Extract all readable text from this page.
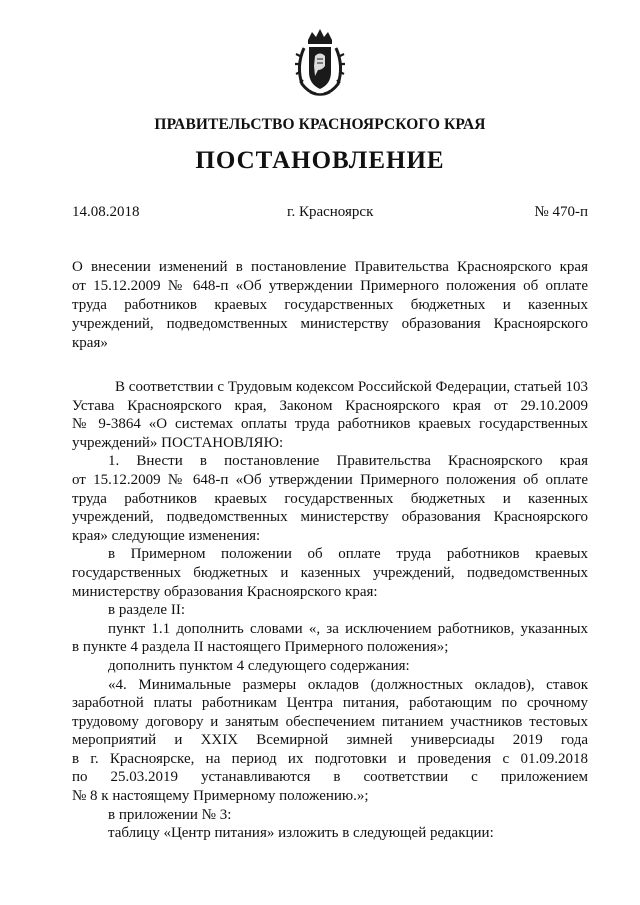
ПРАВИТЕЛЬСТВО КРАСНОЯРСКОГО КРАЯ
ПОСТАНОВЛЕНИЕ
14.08.2018	г. Красноярск	№ 470-п
О внесении изменений в постановление Правительства Красноярского края
от 15.12.2009 № 648-п «Об утверждении Примерного положения об оплате
труда работников краевых государственных бюджетных и казенных
учреждений, подведомственных министерству образования Красноярского
края»
В соответствии с Трудовым кодексом Российской Федерации, статьей 103
Устава Красноярского края, Законом Красноярского края от 29.10.2009
№ 9-3864 «О системах оплаты труда работников краевых государственных
учреждений» ПОСТАНОВЛЯЮ:
1. Внести в постановление Правительства Красноярского края
от 15.12.2009 № 648-п «Об утверждении Примерного положения об оплате
труда работников краевых государственных бюджетных и казенных
учреждений, подведомственных министерству образования Красноярского
края» следующие изменения:
в Примерном положении об оплате труда работников краевых
государственных бюджетных и казенных учреждений, подведомственных
министерству образования Красноярского края:
в разделе II:
пункт 1.1 дополнить словами «, за исключением работников, указанных
в пункте 4 раздела II настоящего Примерного положения»;
дополнить пунктом 4 следующего содержания:
«4. Минимальные размеры окладов (должностных окладов), ставок
заработной платы работникам Центра питания, работающим по срочному
трудовому договору и занятым обеспечением питанием участников тестовых
мероприятий и XXIX Всемирной зимней универсиады 2019 года
в г. Красноярске, на период их подготовки и проведения с 01.09.2018
по 25.03.2019 устанавливаются в соответствии с приложением
№ 8 к настоящему Примерному положению.»;
в приложении № 3:
таблицу «Центр питания» изложить в следующей редакции:
